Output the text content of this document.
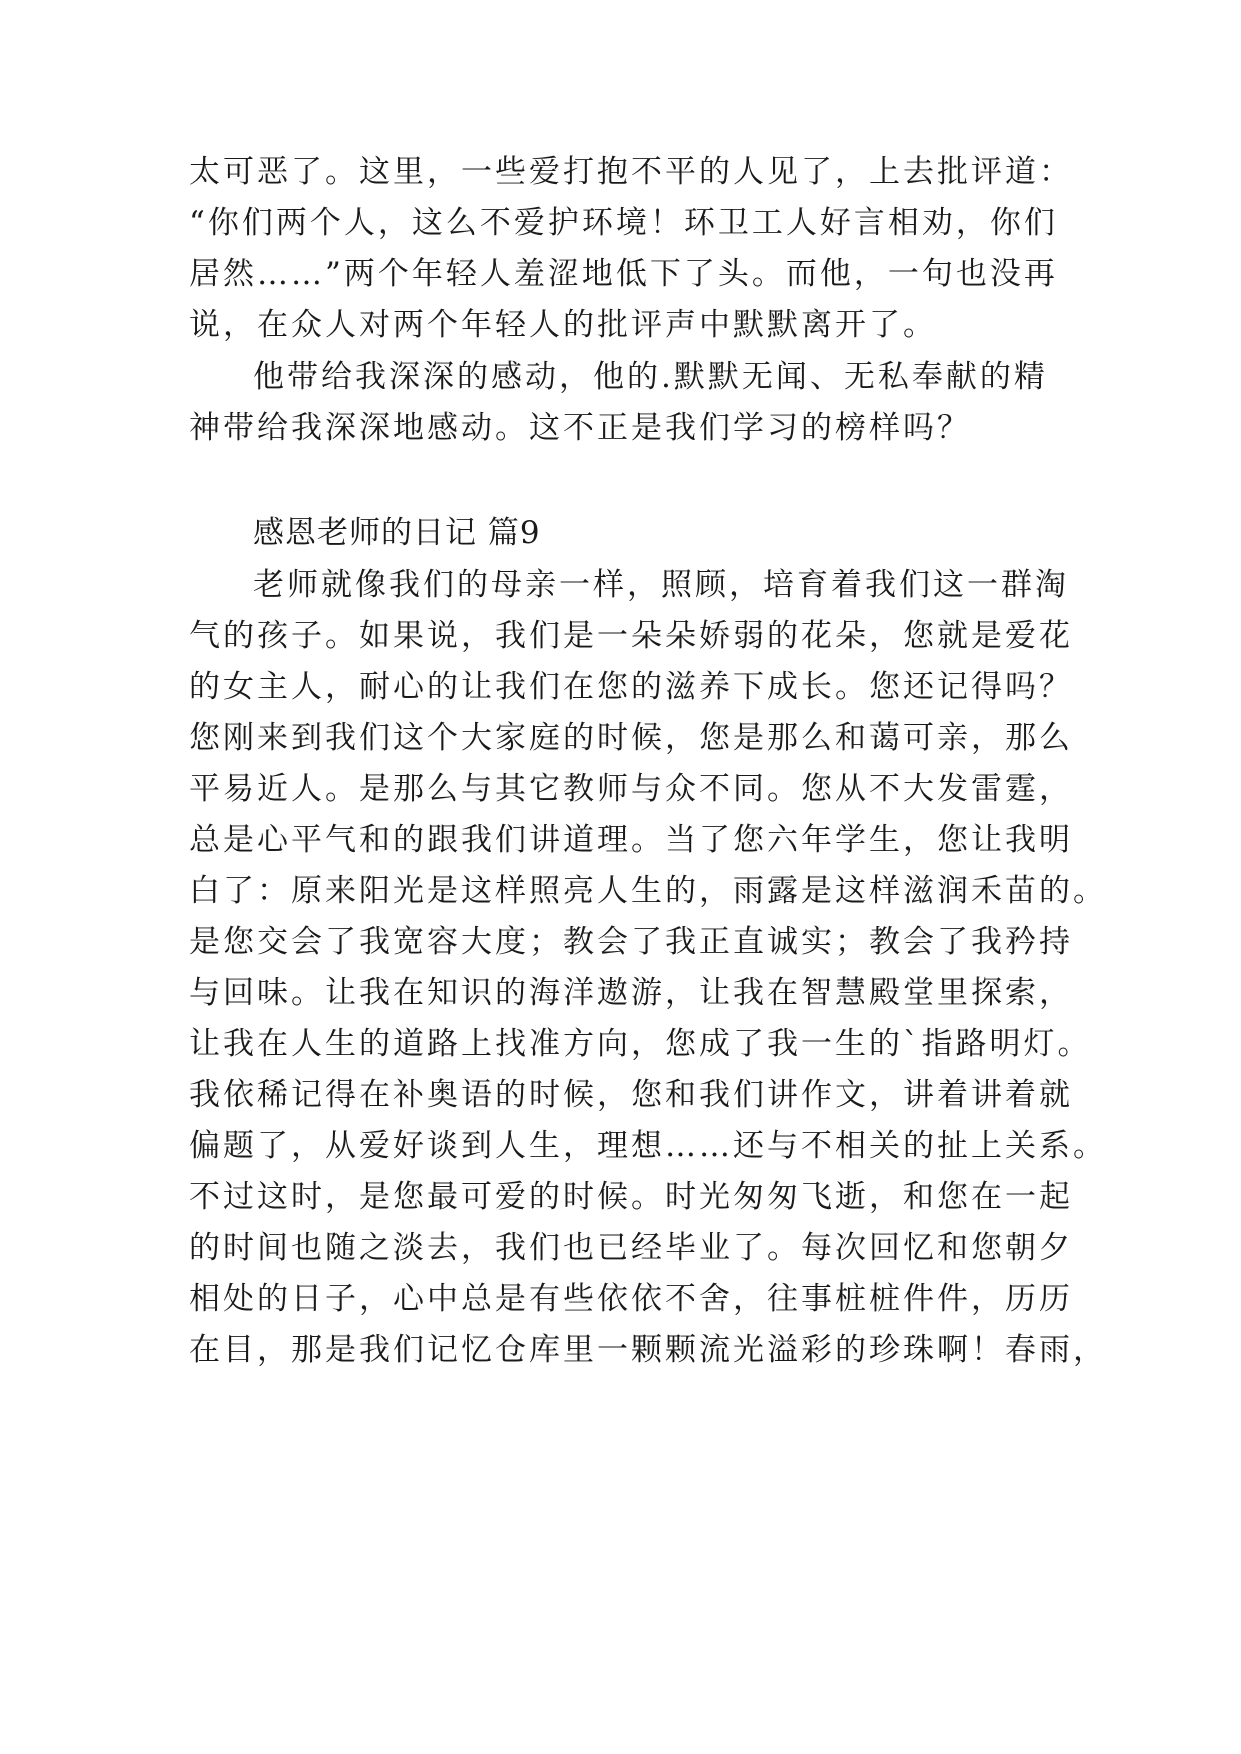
太可恶了。这里，一些爱打抱不平的人见了，上去批评道：
“你们两个人，这么不爱护环境！环卫工人好言相劝，你们
居然……”两个年轻人羞涩地低下了头。而他，一句也没再
说，在众人对两个年轻人的批评声中默默离开了。
他带给我深深的感动，他的.默默无闻、无私奉献的精
神带给我深深地感动。这不正是我们学习的榜样吗？
感恩老师的日记 篇9
老师就像我们的母亲一样，照顾，培育着我们这一群淘
气的孩子。如果说，我们是一朵朵娇弱的花朵，您就是爱花
的女主人，耐心的让我们在您的滋养下成长。您还记得吗？
您刚来到我们这个大家庭的时候，您是那么和蔼可亲，那么
平易近人。是那么与其它教师与众不同。您从不大发雷霆，
总是心平气和的跟我们讲道理。当了您六年学生，您让我明
白了：原来阳光是这样照亮人生的，雨露是这样滋润禾苗的。
是您交会了我宽容大度；教会了我正直诚实；教会了我矜持
与回味。让我在知识的海洋遨游，让我在智慧殿堂里探索，
让我在人生的道路上找准方向，您成了我一生的`指路明灯。
我依稀记得在补奥语的时候，您和我们讲作文，讲着讲着就
偏题了，从爱好谈到人生，理想……还与不相关的扯上关系。
不过这时，是您最可爱的时候。时光匆匆飞逝，和您在一起
的时间也随之淡去，我们也已经毕业了。每次回忆和您朝夕
相处的日子，心中总是有些依依不舍，往事桩桩件件，历历
在目，那是我们记忆仓库里一颗颗流光溢彩的珍珠啊！春雨，
